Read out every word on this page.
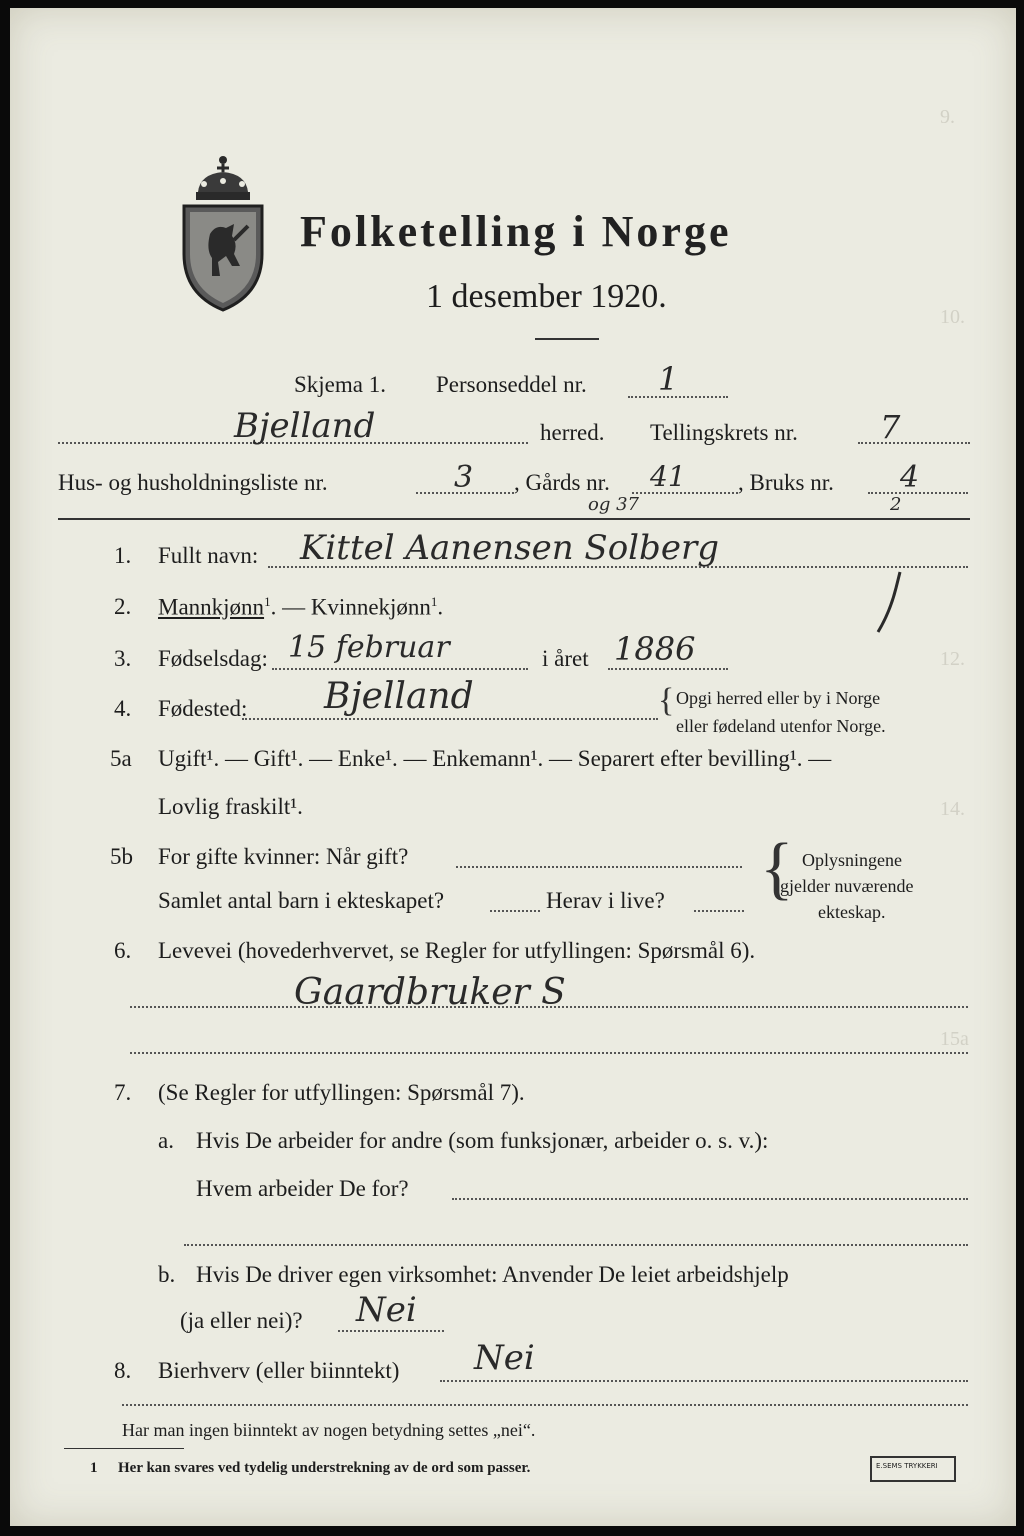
9.
10.
12.
14.
15a
Folketelling i Norge
1 desember 1920.
Skjema 1. Personseddel nr. 1
Bjelland	herred. Tellingskrets nr.	7
Hus- og husholdningsliste nr.	3 , Gårds nr. 41 , Bruks nr. 4
og 37	2
1. Fullt navn: Kittel Aanensen Solberg
2. Mannkjønn$^1$. — Kvinnekjønn$^1$.
3. Fødselsdag: 15 februar	i året 1886
4. Fødested: Bjelland	{ Opgi herred eller by i Norge
eller fødeland utenfor Norge.
5a Ugift¹. — Gift¹. — Enke¹. — Enkemann¹. — Separert efter bevilling¹. —
Lovlig fraskilt¹.
5b For gifte kvinner: Når gift?
Samlet antal barn i ekteskapet?	Herav i live? { Oplysningene
gjelder nuværende
ekteskap.
6. Levevei (hovederhvervet, se Regler for utfyllingen: Spørsmål 6).
Gaardbruker S
7. (Se Regler for utfyllingen: Spørsmål 7).
a. Hvis De arbeider for andre (som funksjonær, arbeider o. s. v.):
Hvem arbeider De for?
b. Hvis De driver egen virksomhet: Anvender De leiet arbeidshjelp
(ja eller nei)? Nei
8. Bierhverv (eller biinntekt) Nei
Har man ingen biinntekt av nogen betydning settes „nei“.
1 Her kan svares ved tydelig understrekning av de ord som passer.	E.SEMS TRYKKERI
